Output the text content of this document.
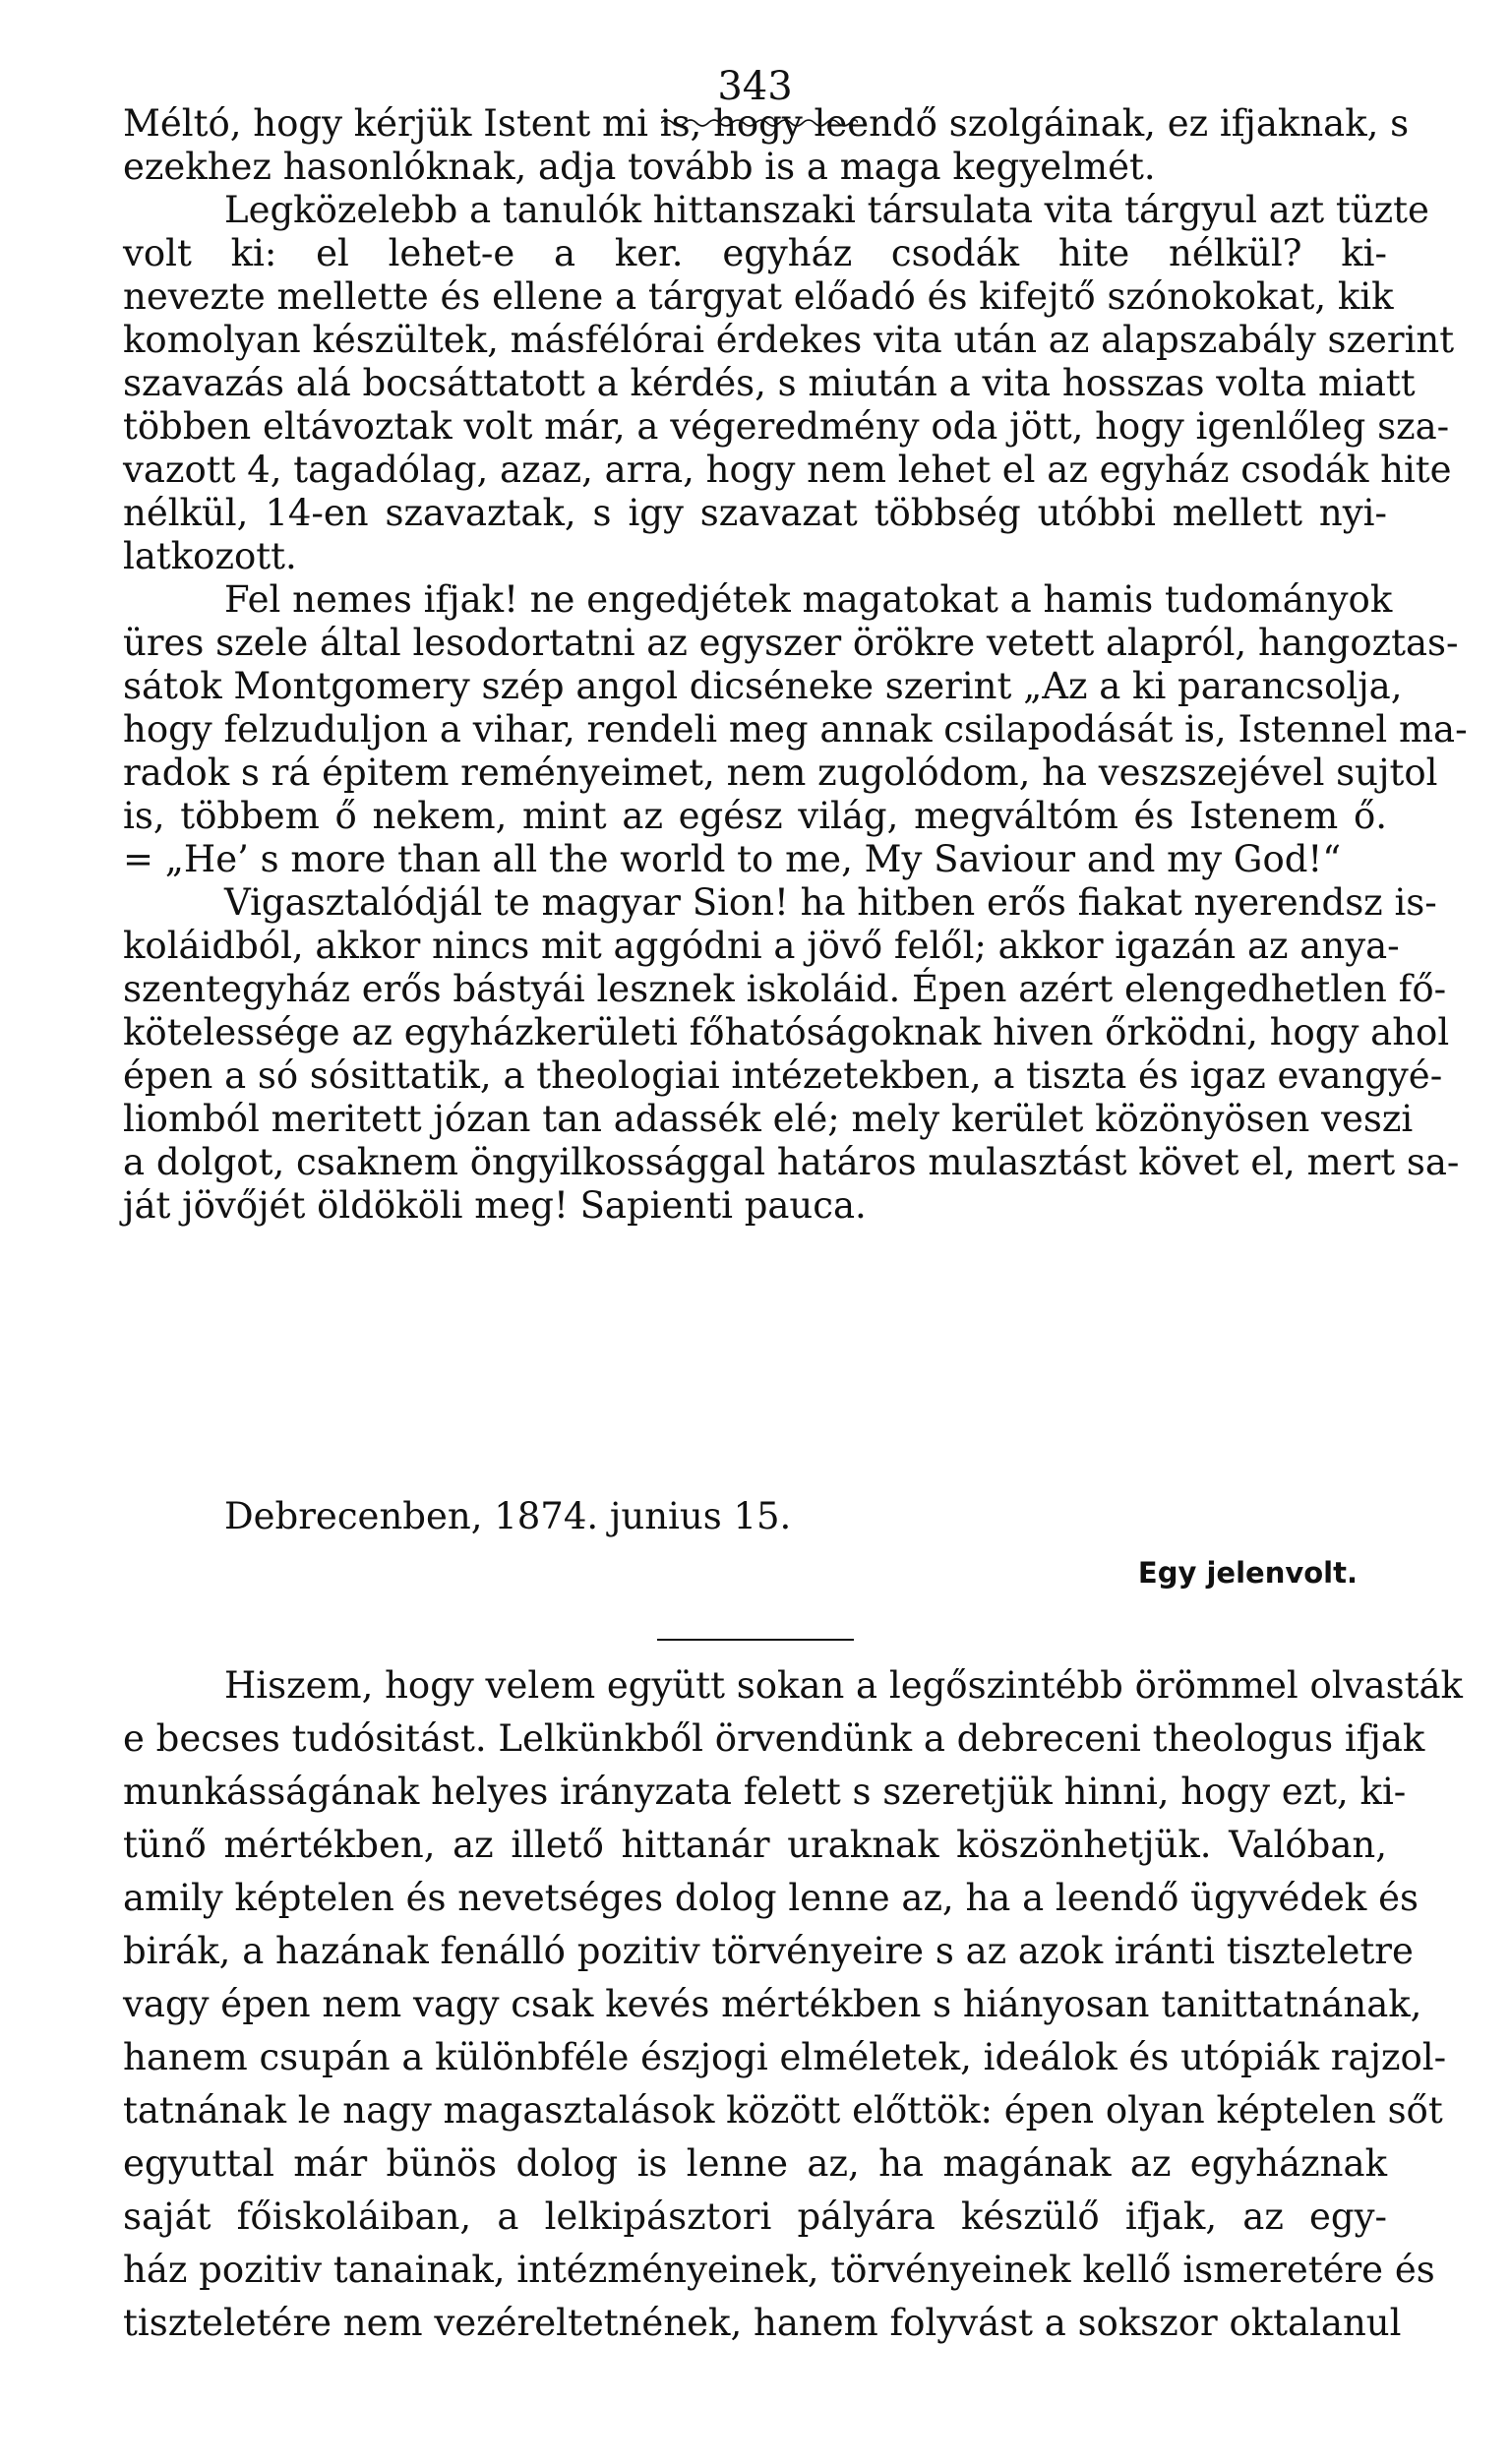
343
Méltó, hogy kérjük Istent mi is, hogy leendő szolgáinak, ez ifjaknak, s
ezekhez hasonlóknak, adja tovább is a maga kegyelmét.
Legközelebb a tanulók hittanszaki társulata vita tárgyul azt tüzte
volt ki: el lehet-e a ker. egyház csodák hite nélkül? ki-
nevezte mellette és ellene a tárgyat előadó és kifejtő szónokokat, kik
komolyan készültek, másfélórai érdekes vita után az alapszabály szerint
szavazás alá bocsáttatott a kérdés, s miután a vita hosszas volta miatt
többen eltávoztak volt már, a végeredmény oda jött, hogy igenlőleg sza-
vazott 4, tagadólag, azaz, arra, hogy nem lehet el az egyház csodák hite
nélkül, 14-en szavaztak, s igy szavazat többség utóbbi mellett nyi-
latkozott.
Fel nemes ifjak! ne engedjétek magatokat a hamis tudományok
üres szele által lesodortatni az egyszer örökre vetett alapról, hangoztas-
sátok Montgomery szép angol dicséneke szerint „Az a ki parancsolja,
hogy felzuduljon a vihar, rendeli meg annak csilapodását is, Istennel ma-
radok s rá épitem reményeimet, nem zugolódom, ha veszszejével sujtol
is, többem ő nekem, mint az egész világ, megváltóm és Istenem ő.
= „He’ s more than all the world to me, My Saviour and my God!“
Vigasztalódjál te magyar Sion! ha hitben erős fiakat nyerendsz is-
koláidból, akkor nincs mit aggódni a jövő felől; akkor igazán az anya-
szentegyház erős bástyái lesznek iskoláid. Épen azért elengedhetlen fő-
kötelessége az egyházkerületi főhatóságoknak hiven őrködni, hogy ahol
épen a só sósittatik, a theologiai intézetekben, a tiszta és igaz evangyé-
liomból meritett józan tan adassék elé; mely kerület közönyösen veszi
a dolgot, csaknem öngyilkossággal határos mulasztást követ el, mert sa-
ját jövőjét öldököli meg! Sapienti pauca.
Debrecenben, 1874. junius 15.
Egy jelenvolt.
Hiszem, hogy velem együtt sokan a legőszintébb örömmel olvasták
e becses tudósitást. Lelkünkből örvendünk a debreceni theologus ifjak
munkásságának helyes irányzata felett s szeretjük hinni, hogy ezt, ki-
tünő mértékben, az illető hittanár uraknak köszönhetjük. Valóban,
amily képtelen és nevetséges dolog lenne az, ha a leendő ügyvédek és
birák, a hazának fenálló pozitiv törvényeire s az azok iránti tiszteletre
vagy épen nem vagy csak kevés mértékben s hiányosan tanittatnának,
hanem csupán a különbféle észjogi elméletek, ideálok és utópiák rajzol-
tatnának le nagy magasztalások között előttök: épen olyan képtelen sőt
egyuttal már bünös dolog is lenne az, ha magának az egyháznak
saját főiskoláiban, a lelkipásztori pályára készülő ifjak, az egy-
ház pozitiv tanainak, intézményeinek, törvényeinek kellő ismeretére és
tiszteletére nem vezéreltetnének, hanem folyvást a sokszor oktalanul
